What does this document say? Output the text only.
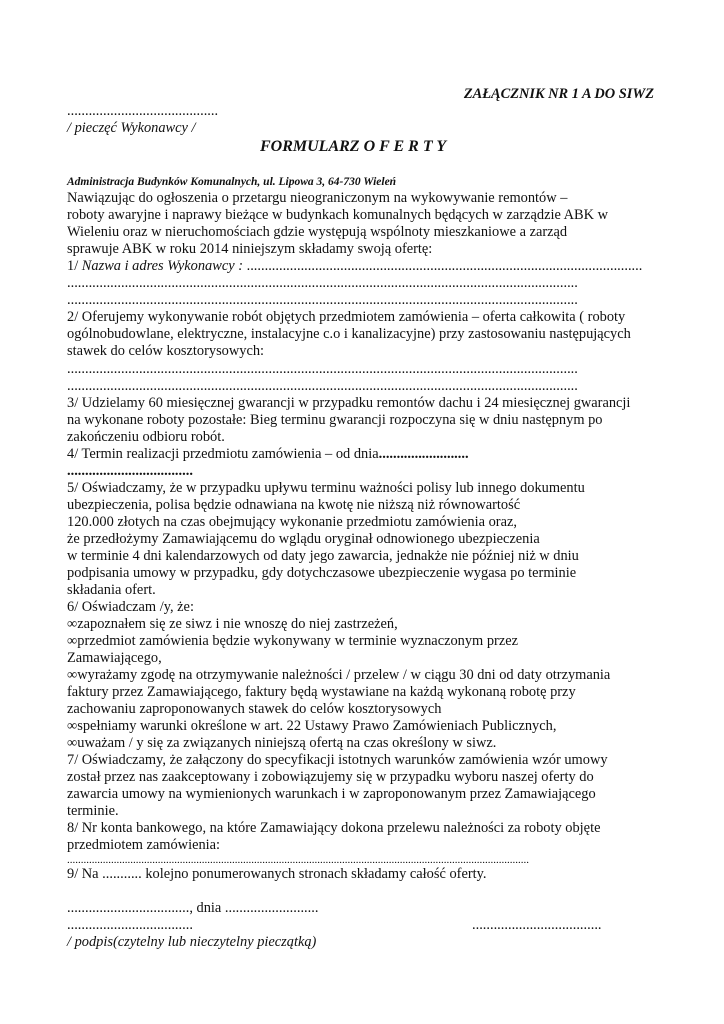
ZAŁĄCZNIK NR 1 A DO SIWZ
..........................................
/ pieczęć Wykonawcy /
FORMULARZ O F E R T Y
Administracja Budynków Komunalnych, ul. Lipowa 3, 64-730 Wieleń
Nawiązując do ogłoszenia o przetargu nieograniczonym na wykowywanie remontów –
roboty awaryjne i naprawy bieżące w budynkach komunalnych będących w zarządzie ABK w
Wieleniu oraz w nieruchomościach gdzie występują wspólnoty mieszkaniowe a zarząd
sprawuje ABK w roku 2014 niniejszym składamy swoją ofertę:
1/ Nazwa i adres Wykonawcy : ..............................................................................................................
..............................................................................................................................................
..............................................................................................................................................
2/ Oferujemy wykonywanie robót objętych przedmiotem zamówienia – oferta całkowita ( roboty
ogólnobudowlane, elektryczne, instalacyjne c.o i kanalizacyjne) przy zastosowaniu następujących
stawek do celów kosztorysowych:
..............................................................................................................................................
..............................................................................................................................................
3/ Udzielamy 60 miesięcznej gwarancji w przypadku remontów dachu i 24 miesięcznej gwarancji
na wykonane roboty pozostałe: Bieg terminu gwarancji rozpoczyna się w dniu następnym po
zakończeniu odbioru robót.
4/ Termin realizacji przedmiotu zamówienia – od dnia.........................
...................................
5/ Oświadczamy, że w przypadku upływu terminu ważności polisy lub innego dokumentu
ubezpieczenia, polisa będzie odnawiana na kwotę nie niższą niż równowartość
120.000 złotych na czas obejmujący wykonanie przedmiotu zamówienia oraz,
że przedłożymy Zamawiającemu do wglądu oryginał odnowionego ubezpieczenia
w terminie 4 dni kalendarzowych od daty jego zawarcia, jednakże nie później niż w dniu
podpisania umowy w przypadku, gdy dotychczasowe ubezpieczenie wygasa po terminie
składania ofert.
6/ Oświadczam /y, że:
∞zapoznałem się ze siwz i nie wnoszę do niej zastrzeżeń,
∞przedmiot zamówienia będzie wykonywany w terminie wyznaczonym przez
Zamawiającego,
∞wyrażamy zgodę na otrzymywanie należności / przelew / w ciągu 30 dni od daty otrzymania
faktury przez Zamawiającego, faktury będą wystawiane na każdą wykonaną robotę przy
zachowaniu zaproponowanych stawek do celów kosztorysowych
∞spełniamy warunki określone w art. 22 Ustawy Prawo Zamówieniach Publicznych,
∞uważam / y się za związanych niniejszą ofertą na czas określony w siwz.
7/ Oświadczamy, że załączony do specyfikacji istotnych warunków zamówienia wzór umowy
został przez nas zaakceptowany i zobowiązujemy się w przypadku wyboru naszej oferty do
zawarcia umowy na wymienionych warunkach i w zaproponowanym przez Zamawiającego
terminie.
8/ Nr konta bankowego, na które Zamawiający dokona przelewu należności za roboty objęte
przedmiotem zamówienia:
........................................................................................................................................................................
9/ Na ........... kolejno ponumerowanych stronach składamy całość oferty.
.................................., dnia ..........................
...................................	....................................
/ podpis(czytelny lub nieczytelny pieczątką)
